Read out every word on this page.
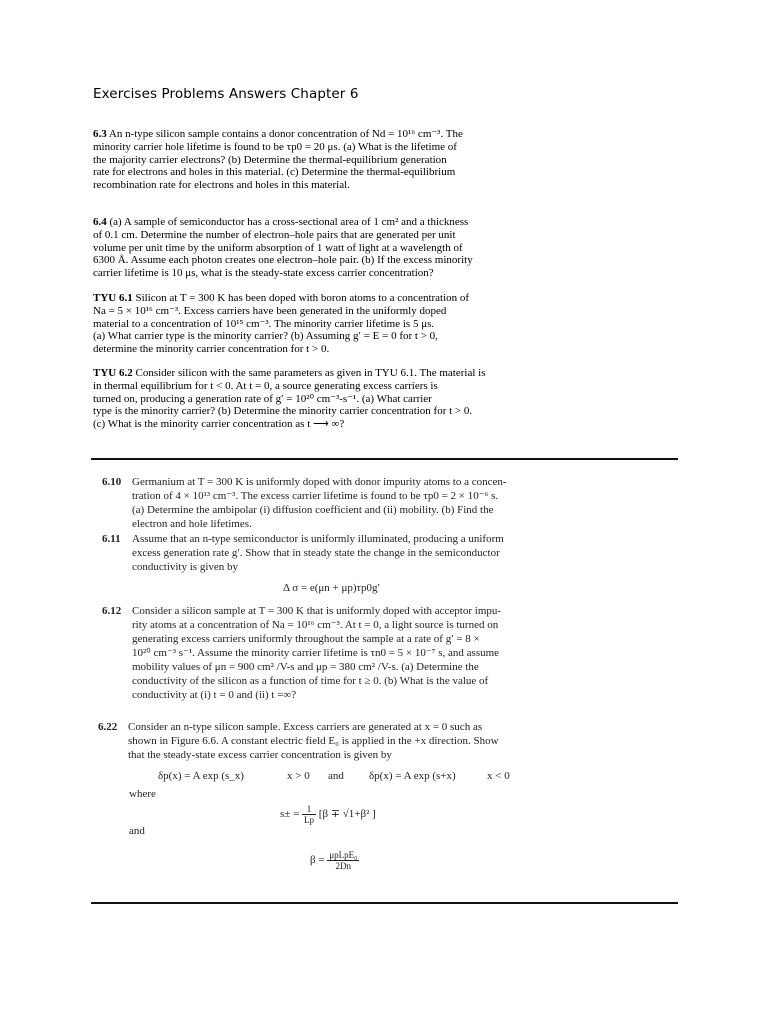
Exercises Problems Answers Chapter 6
6.3 An n-type silicon sample contains a donor concentration of Nd = 10¹⁶ cm⁻³. The
minority carrier hole lifetime is found to be τp0 = 20 μs. (a) What is the lifetime of
the majority carrier electrons? (b) Determine the thermal-equilibrium generation
rate for electrons and holes in this material. (c) Determine the thermal-equilibrium
recombination rate for electrons and holes in this material.
6.4 (a) A sample of semiconductor has a cross-sectional area of 1 cm² and a thickness
of 0.1 cm. Determine the number of electron–hole pairs that are generated per unit
volume per unit time by the uniform absorption of 1 watt of light at a wavelength of
6300 Å. Assume each photon creates one electron–hole pair. (b) If the excess minority
carrier lifetime is 10 μs, what is the steady-state excess carrier concentration?
TYU 6.1 Silicon at T = 300 K has been doped with boron atoms to a concentration of
Na = 5 × 10¹⁶ cm⁻³. Excess carriers have been generated in the uniformly doped
material to a concentration of 10¹⁵ cm⁻³. The minority carrier lifetime is 5 μs.
(a) What carrier type is the minority carrier? (b) Assuming g′ = E = 0 for t > 0,
determine the minority carrier concentration for t > 0.
TYU 6.2 Consider silicon with the same parameters as given in TYU 6.1. The material is
in thermal equilibrium for t < 0. At t = 0, a source generating excess carriers is
turned on, producing a generation rate of g′ = 10²⁰ cm⁻³-s⁻¹. (a) What carrier
type is the minority carrier? (b) Determine the minority carrier concentration for t > 0.
(c) What is the minority carrier concentration as t ⟶ ∞?
6.10 Germanium at T = 300 K is uniformly doped with donor impurity atoms to a concen-
tration of 4 × 10¹³ cm⁻³. The excess carrier lifetime is found to be τp0 = 2 × 10⁻⁶ s.
(a) Determine the ambipolar (i) diffusion coefficient and (ii) mobility. (b) Find the
electron and hole lifetimes.
6.11 Assume that an n-type semiconductor is uniformly illuminated, producing a uniform
excess generation rate g′. Show that in steady state the change in the semiconductor
conductivity is given by
Δ σ = e(μn + μp)τp0g′
6.12 Consider a silicon sample at T = 300 K that is uniformly doped with acceptor impu-
rity atoms at a concentration of Na = 10¹⁶ cm⁻³. At t = 0, a light source is turned on
generating excess carriers uniformly throughout the sample at a rate of g′ = 8 ×
10²⁰ cm⁻³ s⁻¹. Assume the minority carrier lifetime is τn0 = 5 × 10⁻⁷ s, and assume
mobility values of μn = 900 cm² /V-s and μp = 380 cm² /V-s. (a) Determine the
conductivity of the silicon as a function of time for t ≥ 0. (b) What is the value of
conductivity at (i) t = 0 and (ii) t =∞?
6.22 Consider an n-type silicon sample. Excess carriers are generated at x = 0 such as
shown in Figure 6.6. A constant electric field E₀ is applied in the +x direction. Show
that the steady-state excess carrier concentration is given by
δp(x) = A exp (s_x)	x > 0 and δp(x) = A exp (s+x)	x < 0
where
$s\pm = \frac{1}{Lp} [\beta \mp √1+\beta^2$ ]
and
$\beta = \frac{\text{μpLpE₀}}{2Dn}$
